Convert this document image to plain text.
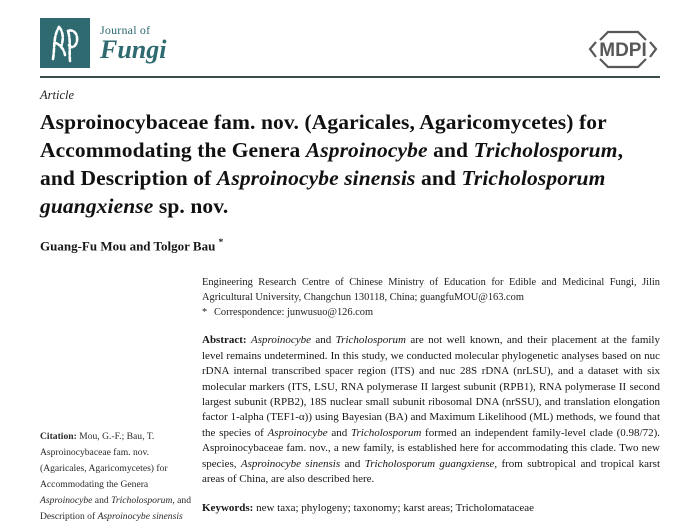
Journal of
Fungi	MDPI
Article
Asproinocybaceae fam. nov. (Agaricales, Agaricomycetes) for Accommodating the Genera Asproinocybe and Tricholosporum, and Description of Asproinocybe sinensis and Tricholosporum guangxiense sp. nov.
Guang-Fu Mou and Tolgor Bau *
Citation: Mou, G.-F.; Bau, T. Asproinocybaceae fam. nov. (Agaricales, Agaricomycetes) for Accommodating the Genera Asproinocybe and Tricholosporum, and Description of Asproinocybe sinensis
Engineering Research Centre of Chinese Ministry of Education for Edible and Medicinal Fungi, Jilin Agricultural University, Changchun 130118, China; guangfuMOU@163.com
* Correspondence: junwusuo@126.com
Abstract: Asproinocybe and Tricholosporum are not well known, and their placement at the family level remains undetermined. In this study, we conducted molecular phylogenetic analyses based on nuc rDNA internal transcribed spacer region (ITS) and nuc 28S rDNA (nrLSU), and a dataset with six molecular markers (ITS, LSU, RNA polymerase II largest subunit (RPB1), RNA polymerase II second largest subunit (RPB2), 18S nuclear small subunit ribosomal DNA (nrSSU), and translation elongation factor 1-alpha (TEF1-α)) using Bayesian (BA) and Maximum Likelihood (ML) methods, we found that the species of Asproinocybe and Tricholosporum formed an independent family-level clade (0.98/72). Asproinocybaceae fam. nov., a new family, is established here for accommodating this clade. Two new species, Asproinocybe sinensis and Tricholosporum guangxiense, from subtropical and tropical karst areas of China, are also described here.
Keywords: new taxa; phylogeny; taxonomy; karst areas; Tricholomataceae
